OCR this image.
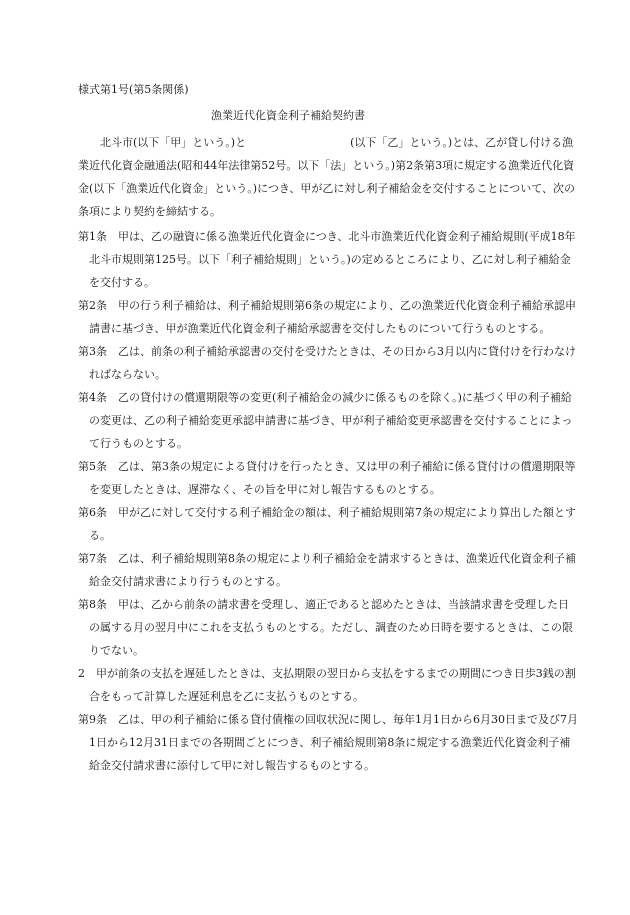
様式第1号(第5条関係)
漁業近代化資金利子補給契約書

北斗市(以下「甲」という。)と	(以下「乙」という。)とは、乙が貸し付ける漁業近代化資金融通法(昭和44年法律第52号。以下「法」という。)第2条第3項に規定する漁業近代化資金(以下「漁業近代化資金」という。)につき、甲が乙に対し利子補給金を交付することについて、次の条項により契約を締結する。

第1条 甲は、乙の融資に係る漁業近代化資金につき、北斗市漁業近代化資金利子補給規則(平成18年北斗市規則第125号。以下「利子補給規則」という。)の定めるところにより、乙に対し利子補給金を交付する。

第2条 甲の行う利子補給は、利子補給規則第6条の規定により、乙の漁業近代化資金利子補給承認申請書に基づき、甲が漁業近代化資金利子補給承認書を交付したものについて行うものとする。

第3条 乙は、前条の利子補給承認書の交付を受けたときは、その日から3月以内に貸付けを行わなければならない。

第4条 乙の貸付けの償還期限等の変更(利子補給金の減少に係るものを除く。)に基づく甲の利子補給の変更は、乙の利子補給変更承認申請書に基づき、甲が利子補給変更承認書を交付することによって行うものとする。

第5条 乙は、第3条の規定による貸付けを行ったとき、又は甲の利子補給に係る貸付けの償還期限等を変更したときは、遅滞なく、その旨を甲に対し報告するものとする。

第6条 甲が乙に対して交付する利子補給金の額は、利子補給規則第7条の規定により算出した額とする。

第7条 乙は、利子補給規則第8条の規定により利子補給金を請求するときは、漁業近代化資金利子補給金交付請求書により行うものとする。

第8条 甲は、乙から前条の請求書を受理し、適正であると認めたときは、当該請求書を受理した日の属する月の翌月中にこれを支払うものとする。ただし、調査のため日時を要するときは、この限りでない。

2 甲が前条の支払を遅延したときは、支払期限の翌日から支払をするまでの期間につき日歩3銭の割合をもって計算した遅延利息を乙に支払うものとする。

第9条 乙は、甲の利子補給に係る貸付債権の回収状況に関し、毎年1月1日から6月30日まで及び7月1日から12月31日までの各期間ごとにつき、利子補給規則第8条に規定する漁業近代化資金利子補給金交付請求書に添付して甲に対し報告するものとする。
